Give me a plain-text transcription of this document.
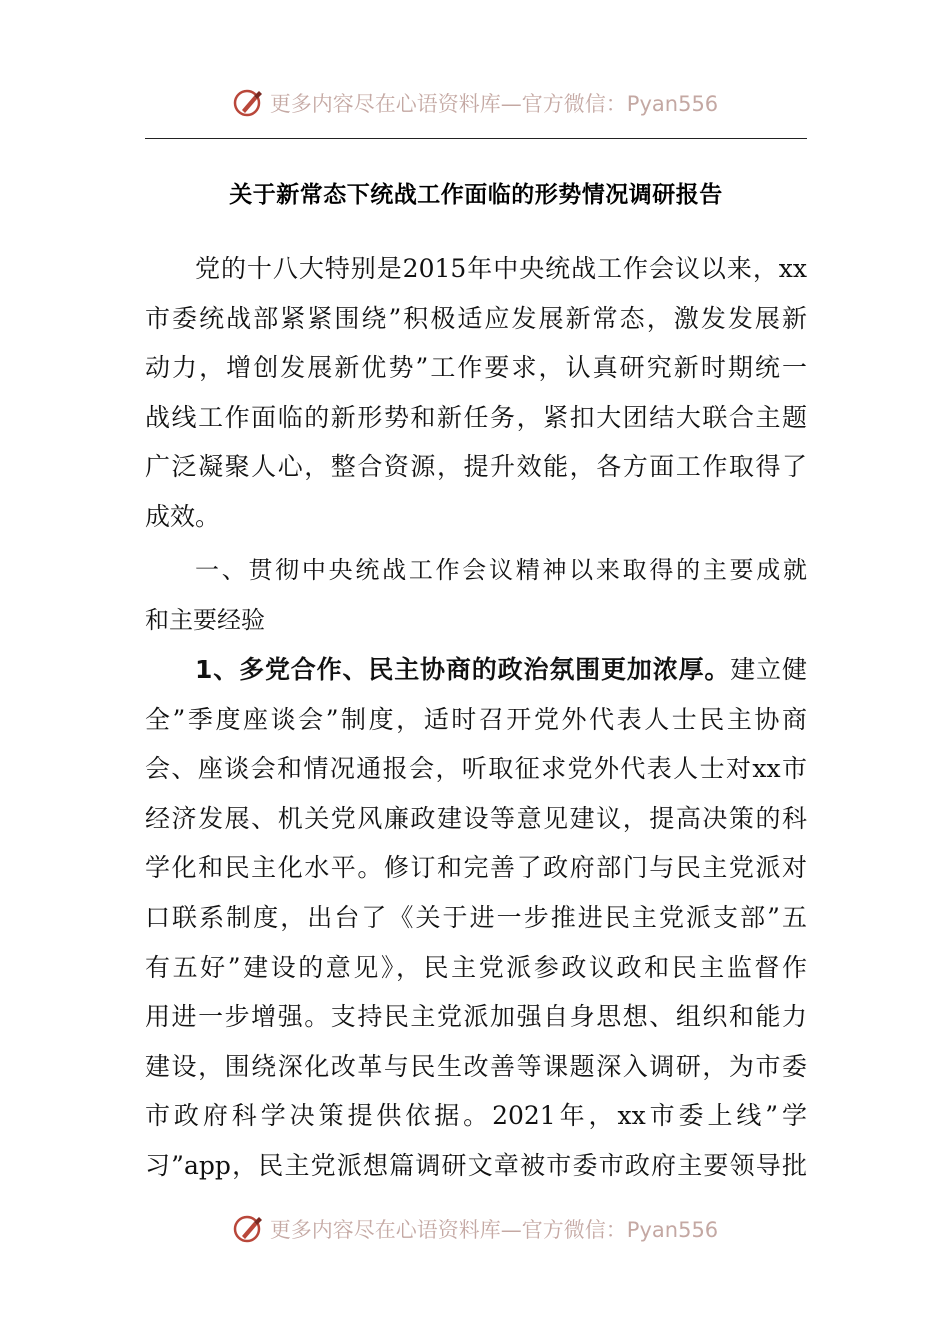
更多内容尽在心语资料库—官方微信：Pyan556
关于新常态下统战工作面临的形势情况调研报告
党的十八大特别是2015年中央统战工作会议以来，xx
市委统战部紧紧围绕”积极适应发展新常态，激发发展新
动力，增创发展新优势”工作要求，认真研究新时期统一
战线工作面临的新形势和新任务，紧扣大团结大联合主题
广泛凝聚人心，整合资源，提升效能，各方面工作取得了
成效。
一、贯彻中央统战工作会议精神以来取得的主要成就
和主要经验
1、多党合作、民主协商的政治氛围更加浓厚。建立健
全”季度座谈会”制度，适时召开党外代表人士民主协商
会、座谈会和情况通报会，听取征求党外代表人士对xx市
经济发展、机关党风廉政建设等意见建议，提高决策的科
学化和民主化水平。修订和完善了政府部门与民主党派对
口联系制度，出台了《关于进一步推进民主党派支部”五
有五好”建设的意见》，民主党派参政议政和民主监督作
用进一步增强。支持民主党派加强自身思想、组织和能力
建设，围绕深化改革与民生改善等课题深入调研，为市委
市政府科学决策提供依据。2021年，xx市委上线”学
习”app，民主党派想篇调研文章被市委市政府主要领导批
更多内容尽在心语资料库—官方微信：Pyan556
